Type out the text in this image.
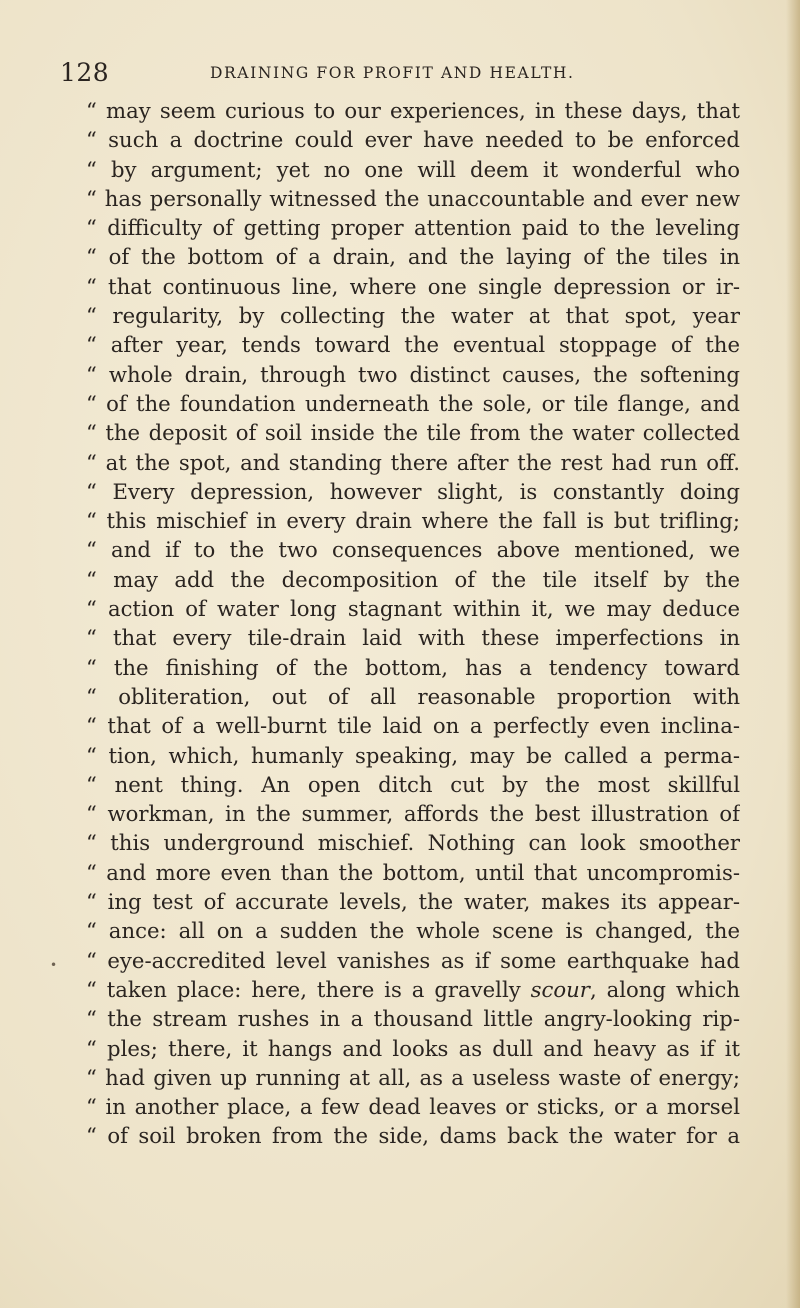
128	DRAINING FOR PROFIT AND HEALTH.
•
“ may seem curious to our experiences, in these days, that
“ such a doctrine could ever have needed to be enforced
“ by argument; yet no one will deem it wonderful who
“ has personally witnessed the unaccountable and ever new
“ difficulty of getting proper attention paid to the leveling
“ of the bottom of a drain, and the laying of the tiles in
“ that continuous line, where one single depression or ir-
“ regularity, by collecting the water at that spot, year
“ after year, tends toward the eventual stoppage of the
“ whole drain, through two distinct causes, the softening
“ of the foundation underneath the sole, or tile flange, and
“ the deposit of soil inside the tile from the water collected
“ at the spot, and standing there after the rest had run off.
“ Every depression, however slight, is constantly doing
“ this mischief in every drain where the fall is but trifling;
“ and if to the two consequences above mentioned, we
“ may add the decomposition of the tile itself by the
“ action of water long stagnant within it, we may deduce
“ that every tile-drain laid with these imperfections in
“ the finishing of the bottom, has a tendency toward
“ obliteration, out of all reasonable proportion with
“ that of a well-burnt tile laid on a perfectly even inclina-
“ tion, which, humanly speaking, may be called a perma-
“ nent thing. An open ditch cut by the most skillful
“ workman, in the summer, affords the best illustration of
“ this underground mischief. Nothing can look smoother
“ and more even than the bottom, until that uncompromis-
“ ing test of accurate levels, the water, makes its appear-
“ ance: all on a sudden the whole scene is changed, the
“ eye-accredited level vanishes as if some earthquake had
“ taken place: here, there is a gravelly scour, along which
“ the stream rushes in a thousand little angry-looking rip-
“ ples; there, it hangs and looks as dull and heavy as if it
“ had given up running at all, as a useless waste of energy;
“ in another place, a few dead leaves or sticks, or a morsel
“ of soil broken from the side, dams back the water for a
